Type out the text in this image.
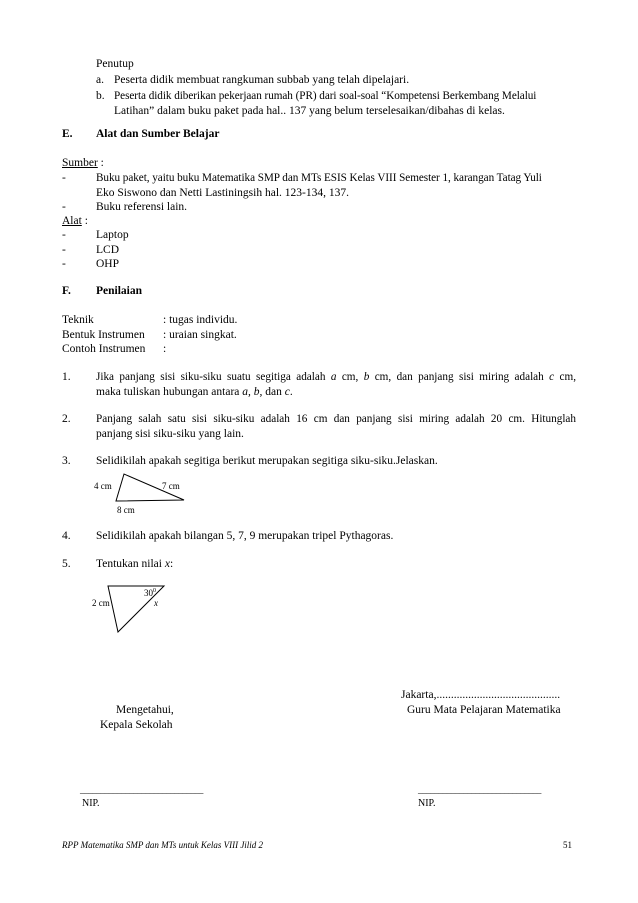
Penutup
a. Peserta didik membuat rangkuman subbab yang telah dipelajari.
b. Peserta didik diberikan pekerjaan rumah (PR) dari soal-soal “Kompetensi Berkembang Melalui
Latihan” dalam buku paket pada hal.. 137 yang belum terselesaikan/dibahas di kelas.
E. Alat dan Sumber Belajar
Sumber :
-	Buku paket, yaitu buku Matematika SMP dan MTs ESIS Kelas VIII Semester 1, karangan Tatag Yuli
Eko Siswono dan Netti Lastiningsih hal. 123-134, 137.
-	Buku referensi lain.
Alat :
-	Laptop
-	LCD
-	OHP
F. Penilaian
Teknik	: tugas individu.
Bentuk Instrumen : uraian singkat.
Contoh Instrumen :
1. Jika panjang sisi siku-siku suatu segitiga adalah a cm, b cm, dan panjang sisi miring adalah c cm,
maka tuliskan hubungan antara a, b, dan c.
2. Panjang salah satu sisi siku-siku adalah 16 cm dan panjang sisi miring adalah 20 cm. Hitunglah
panjang sisi siku-siku yang lain.
3. Selidikilah apakah segitiga berikut merupakan segitiga siku-siku.Jelaskan.
4 cm	7 cm
8 cm
4. Selidikilah apakah bilangan 5, 7, 9 merupakan tripel Pythagoras.
5. Tentukan nilai x:
$30^0$
2 cm	x
Jakarta,...........................................
Mengetahui,	Guru Mata Pelajaran Matematika
Kepala Sekolah
______________________________	______________________________
NIP.	NIP.
RPP Matematika SMP dan MTs untuk Kelas VIII Jilid 2	51
